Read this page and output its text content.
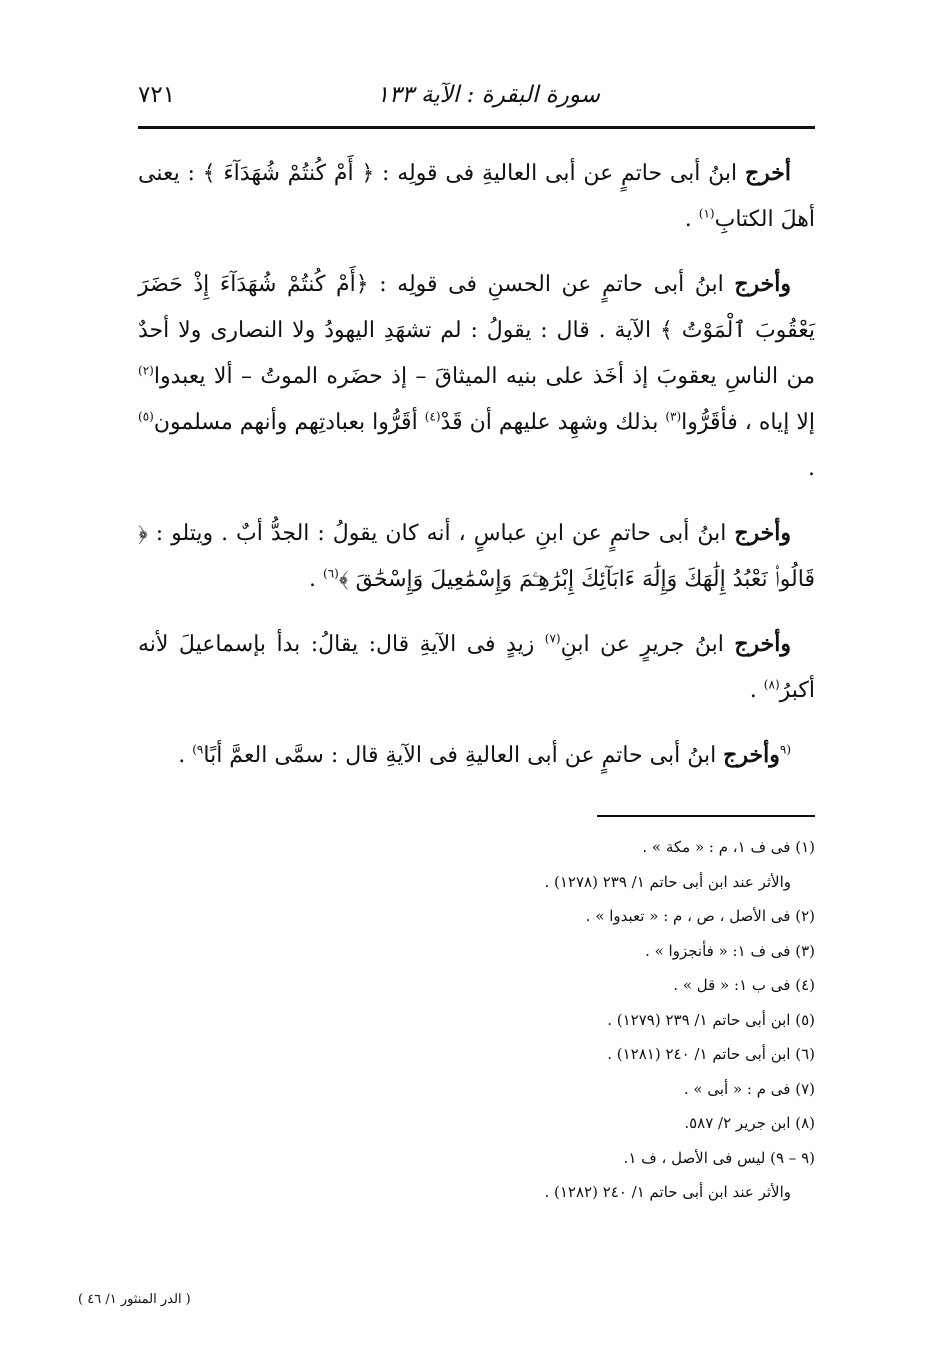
سورة البقرة : الآية ١٣٣
٧٢١

أخرج ابنُ أبى حاتمٍ عن أبى العاليةِ فى قولِه : ﴿ أَمْ كُنتُمْ شُهَدَآءَ ﴾ : يعنى أهلَ الكتابِ$^{(١)}$ .

وأخرج ابنُ أبى حاتمٍ عن الحسنِ فى قولِه : ﴿أَمْ كُنتُمْ شُهَدَآءَ إِذْ حَضَرَ يَعْقُوبَ ٱلْمَوْتُ ﴾ الآية . قال : يقولُ : لم تشهَدِ اليهودُ ولا النصارى ولا أحدٌ من الناسِ يعقوبَ إذ أخَذ على بنيه الميثاقَ – إذ حضَره الموتُ – ألا يعبدوا$^{(٢)}$ إلا إياه ، فأقَرُّوا$^{(٣)}$ بذلك وشهِد عليهم أن قَدْ$^{(٤)}$ أقَرُّوا بعبادتِهم وأنهم مسلمون$^{(٥)}$ .

وأخرج ابنُ أبى حاتمٍ عن ابنِ عباسٍ ، أنه كان يقولُ : الجدُّ أبٌ . ويتلو : ﴿ قَالُوا۟ نَعْبُدُ إِلَٰهَكَ وَإِلَٰهَ ءَابَآئِكَ إِبْرَٰهِـۧمَ وَإِسْمَٰعِيلَ وَإِسْحَٰقَ ﴾$^{(٦)}$ .

وأخرج ابنُ جريرٍ عن ابنِ$^{(٧)}$ زيدٍ فى الآيةِ قال: يقالُ: بدأ بإسماعيلَ لأنه أكبرُ$^{(٨)}$ .

$^{(٩}$وأخرج ابنُ أبى حاتمٍ عن أبى العاليةِ فى الآيةِ قال : سمَّى العمَّ أبًا$^{٩)}$ .

(١) فى ف ١، م : « مكة » .

والأثر عند ابن أبى حاتم ١/ ٢٣٩ (١٢٧٨) .

(٢) فى الأصل ، ص ، م : « تعبدوا » .

(٣) فى ف ١: « فأنجزوا » .

(٤) فى ب ١: « قل » .

(٥) ابن أبى حاتم ١/ ٢٣٩ (١٢٧٩) .

(٦) ابن أبى حاتم ١/ ٢٤٠ (١٢٨١) .

(٧) فى م : « أبى » .

(٨) ابن جرير ٢/ ٥٨٧.

(٩ – ٩) ليس فى الأصل ، ف ١.

والأثر عند ابن أبى حاتم ١/ ٢٤٠ (١٢٨٢) .

( الدر المنثور ١/ ٤٦ )
